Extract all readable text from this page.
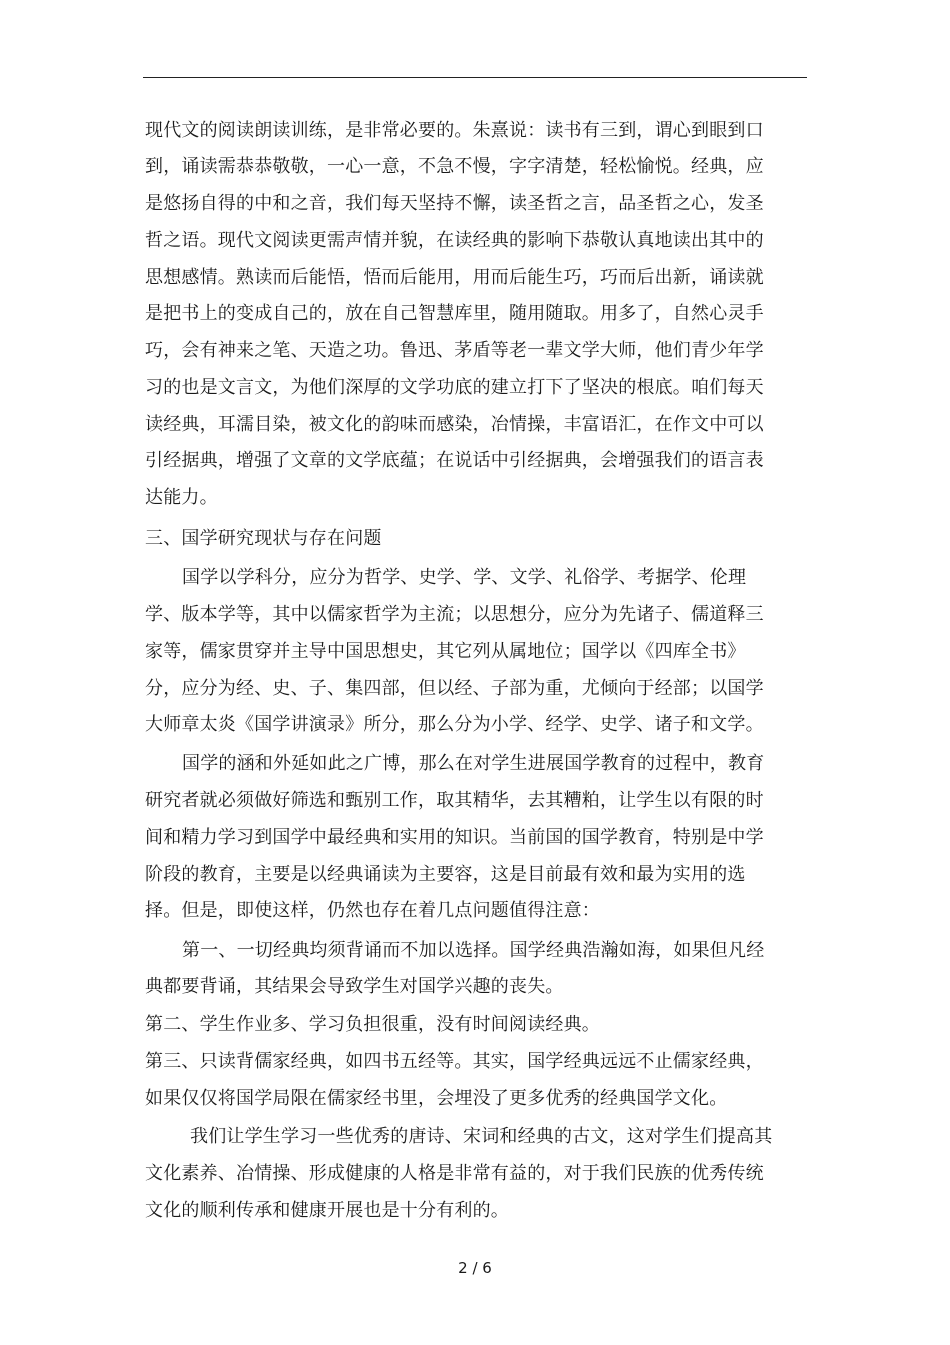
现代文的阅读朗读训练，是非常必要的。朱熹说：读书有三到，谓心到眼到口
到，诵读需恭恭敬敬，一心一意，不急不慢，字字清楚，轻松愉悦。经典，应
是悠扬自得的中和之音，我们每天坚持不懈，读圣哲之言，品圣哲之心，发圣
哲之语。现代文阅读更需声情并貌，在读经典的影响下恭敬认真地读出其中的
思想感情。熟读而后能悟，悟而后能用，用而后能生巧，巧而后出新，诵读就
是把书上的变成自己的，放在自己智慧库里，随用随取。用多了，自然心灵手
巧，会有神来之笔、天造之功。鲁迅、茅盾等老一辈文学大师，他们青少年学
习的也是文言文，为他们深厚的文学功底的建立打下了坚决的根底。咱们每天
读经典，耳濡目染，被文化的韵味而感染，冶情操，丰富语汇，在作文中可以
引经据典，增强了文章的文学底蕴；在说话中引经据典，会增强我们的语言表
达能力。
三、国学研究现状与存在问题
国学以学科分，应分为哲学、史学、学、文学、礼俗学、考据学、伦理
学、版本学等，其中以儒家哲学为主流；以思想分，应分为先诸子、儒道释三
家等，儒家贯穿并主导中国思想史，其它列从属地位；国学以《四库全书》
分，应分为经、史、子、集四部，但以经、子部为重，尤倾向于经部；以国学
大师章太炎《国学讲演录》所分，那么分为小学、经学、史学、诸子和文学。
国学的涵和外延如此之广博，那么在对学生进展国学教育的过程中，教育
研究者就必须做好筛选和甄别工作，取其精华，去其糟粕，让学生以有限的时
间和精力学习到国学中最经典和实用的知识。当前国的国学教育，特别是中学
阶段的教育，主要是以经典诵读为主要容，这是目前最有效和最为实用的选
择。但是，即使这样，仍然也存在着几点问题值得注意：
第一、一切经典均须背诵而不加以选择。国学经典浩瀚如海，如果但凡经
典都要背诵，其结果会导致学生对国学兴趣的丧失。
第二、学生作业多、学习负担很重，没有时间阅读经典。
第三、只读背儒家经典，如四书五经等。其实，国学经典远远不止儒家经典，
如果仅仅将国学局限在儒家经书里，会埋没了更多优秀的经典国学文化。
我们让学生学习一些优秀的唐诗、宋词和经典的古文，这对学生们提高其
文化素养、冶情操、形成健康的人格是非常有益的，对于我们民族的优秀传统
文化的顺利传承和健康开展也是十分有利的。
2 / 6
